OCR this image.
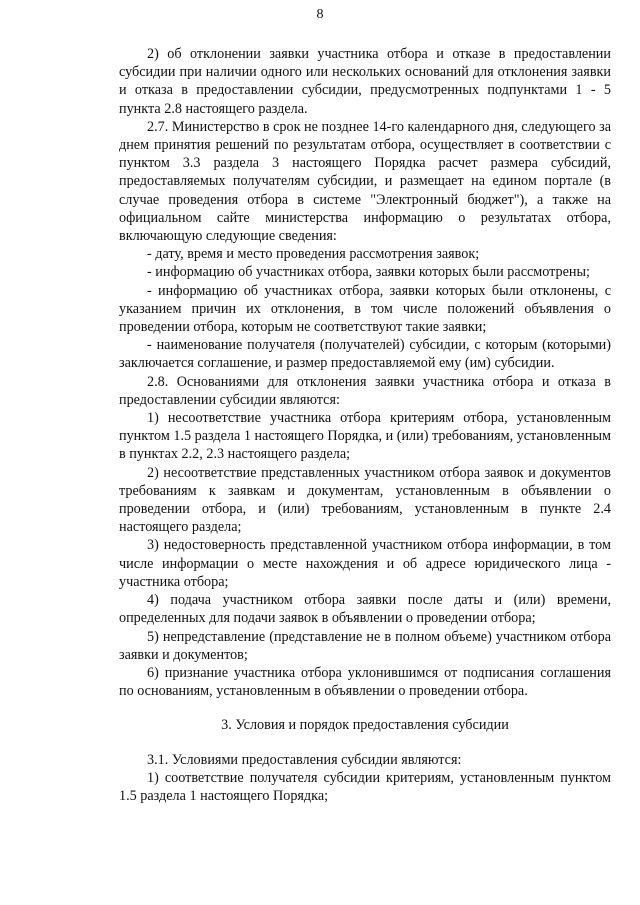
8

2) об отклонении заявки участника отбора и отказе в предоставлении субсидии при наличии одного или нескольких оснований для отклонения заявки и отказа в предоставлении субсидии, предусмотренных подпунктами 1 - 5 пункта 2.8 настоящего раздела.

2.7. Министерство в срок не позднее 14-го календарного дня, следующего за днем принятия решений по результатам отбора, осуществляет в соответствии с пунктом 3.3 раздела 3 настоящего Порядка расчет размера субсидий, предоставляемых получателям субсидии, и размещает на едином портале (в случае проведения отбора в системе "Электронный бюджет"), а также на официальном сайте министерства информацию о результатах отбора, включающую следующие сведения:

- дату, время и место проведения рассмотрения заявок;

- информацию об участниках отбора, заявки которых были рассмотрены;

- информацию об участниках отбора, заявки которых были отклонены, с указанием причин их отклонения, в том числе положений объявления о проведении отбора, которым не соответствуют такие заявки;

- наименование получателя (получателей) субсидии, с которым (которыми) заключается соглашение, и размер предоставляемой ему (им) субсидии.

2.8. Основаниями для отклонения заявки участника отбора и отказа в предоставлении субсидии являются:

1) несоответствие участника отбора критериям отбора, установленным пунктом 1.5 раздела 1 настоящего Порядка, и (или) требованиям, установленным в пунктах 2.2, 2.3 настоящего раздела;

2) несоответствие представленных участником отбора заявок и документов требованиям к заявкам и документам, установленным в объявлении о проведении отбора, и (или) требованиям, установленным в пункте 2.4 настоящего раздела;

3) недостоверность представленной участником отбора информации, в том числе информации о месте нахождения и об адресе юридического лица - участника отбора;

4) подача участником отбора заявки после даты и (или) времени, определенных для подачи заявок в объявлении о проведении отбора;

5) непредставление (представление не в полном объеме) участником отбора заявки и документов;

6) признание участника отбора уклонившимся от подписания соглашения по основаниям, установленным в объявлении о проведении отбора.

3. Условия и порядок предоставления субсидии

3.1. Условиями предоставления субсидии являются:

1) соответствие получателя субсидии критериям, установленным пунктом 1.5 раздела 1 настоящего Порядка;
